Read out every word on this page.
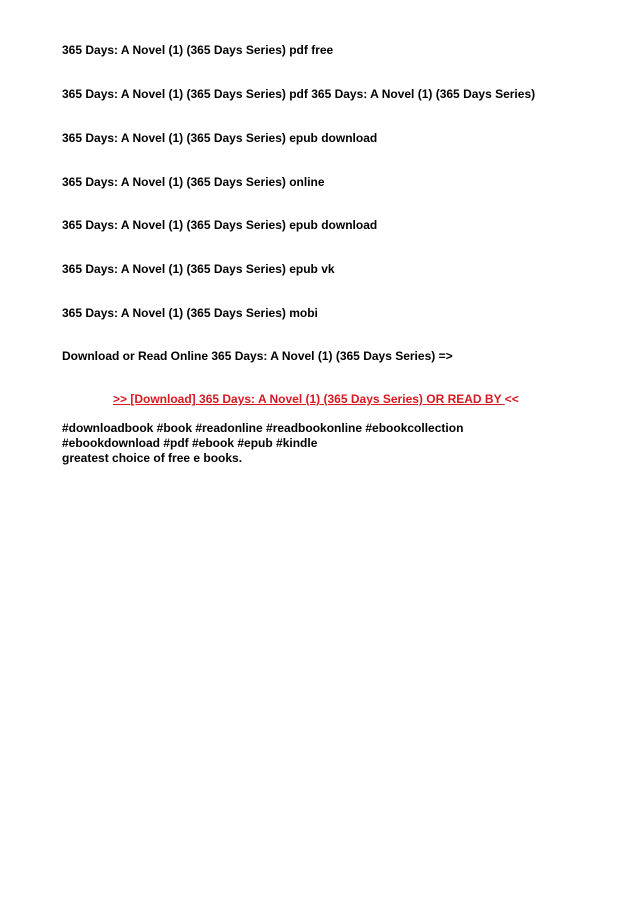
365 Days: A Novel (1) (365 Days Series) pdf free
365 Days: A Novel (1) (365 Days Series) pdf 365 Days: A Novel (1) (365 Days Series)
365 Days: A Novel (1) (365 Days Series) epub download
365 Days: A Novel (1) (365 Days Series) online
365 Days: A Novel (1) (365 Days Series) epub download
365 Days: A Novel (1) (365 Days Series) epub vk
365 Days: A Novel (1) (365 Days Series) mobi
Download or Read Online 365 Days: A Novel (1) (365 Days Series) =>
>> [Download] 365 Days: A Novel (1) (365 Days Series) OR READ BY <<
#downloadbook #book #readonline #readbookonline #ebookcollection
#ebookdownload #pdf #ebook #epub #kindle
greatest choice of free e books.
